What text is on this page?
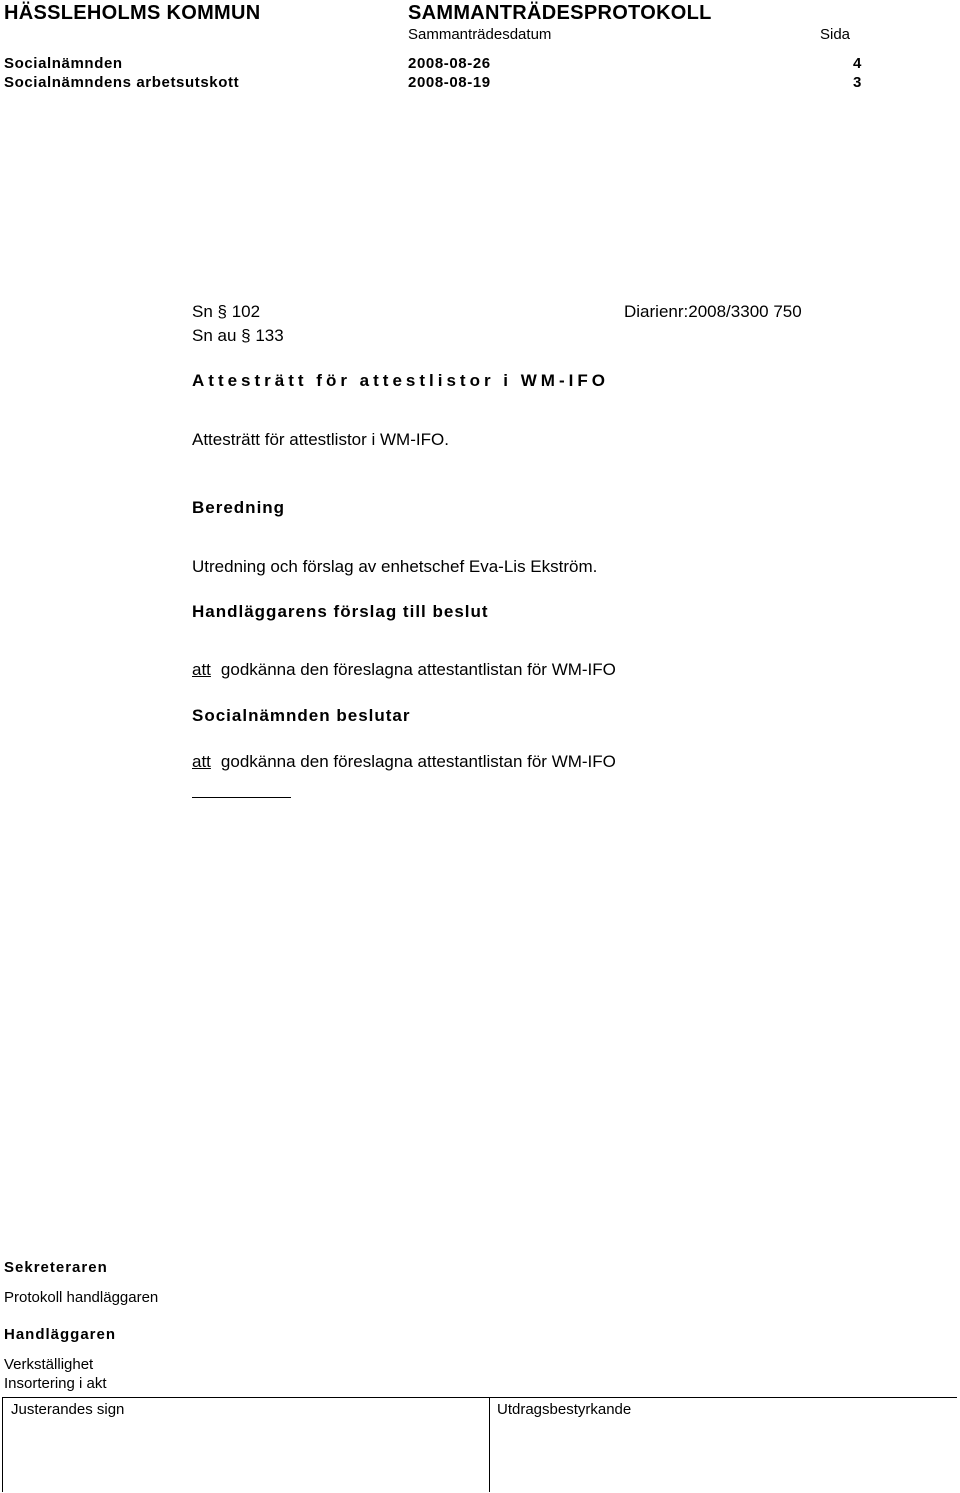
HÄSSLEHOLMS KOMMUN	SAMMANTRÄDESPROTOKOLL
Sammanträdesdatum	Sida
Socialnämnden	2008-08-26	4
Socialnämndens arbetsutskott	2008-08-19	3
Sn § 102
Sn au § 133
Diarienr:2008/3300 750
Attesträtt för attestlistor i WM-IFO
Attesträtt för attestlistor i WM-IFO.
Beredning
Utredning och förslag av enhetschef Eva-Lis Ekström.
Handläggarens förslag till beslut
att godkänna den föreslagna attestantlistan för WM-IFO
Socialnämnden beslutar
att godkänna den föreslagna attestantlistan för WM-IFO
Sekreteraren
Protokoll handläggaren
Handläggaren
Verkställighet
Insortering i akt
Justerandes sign	Utdragsbestyrkande
